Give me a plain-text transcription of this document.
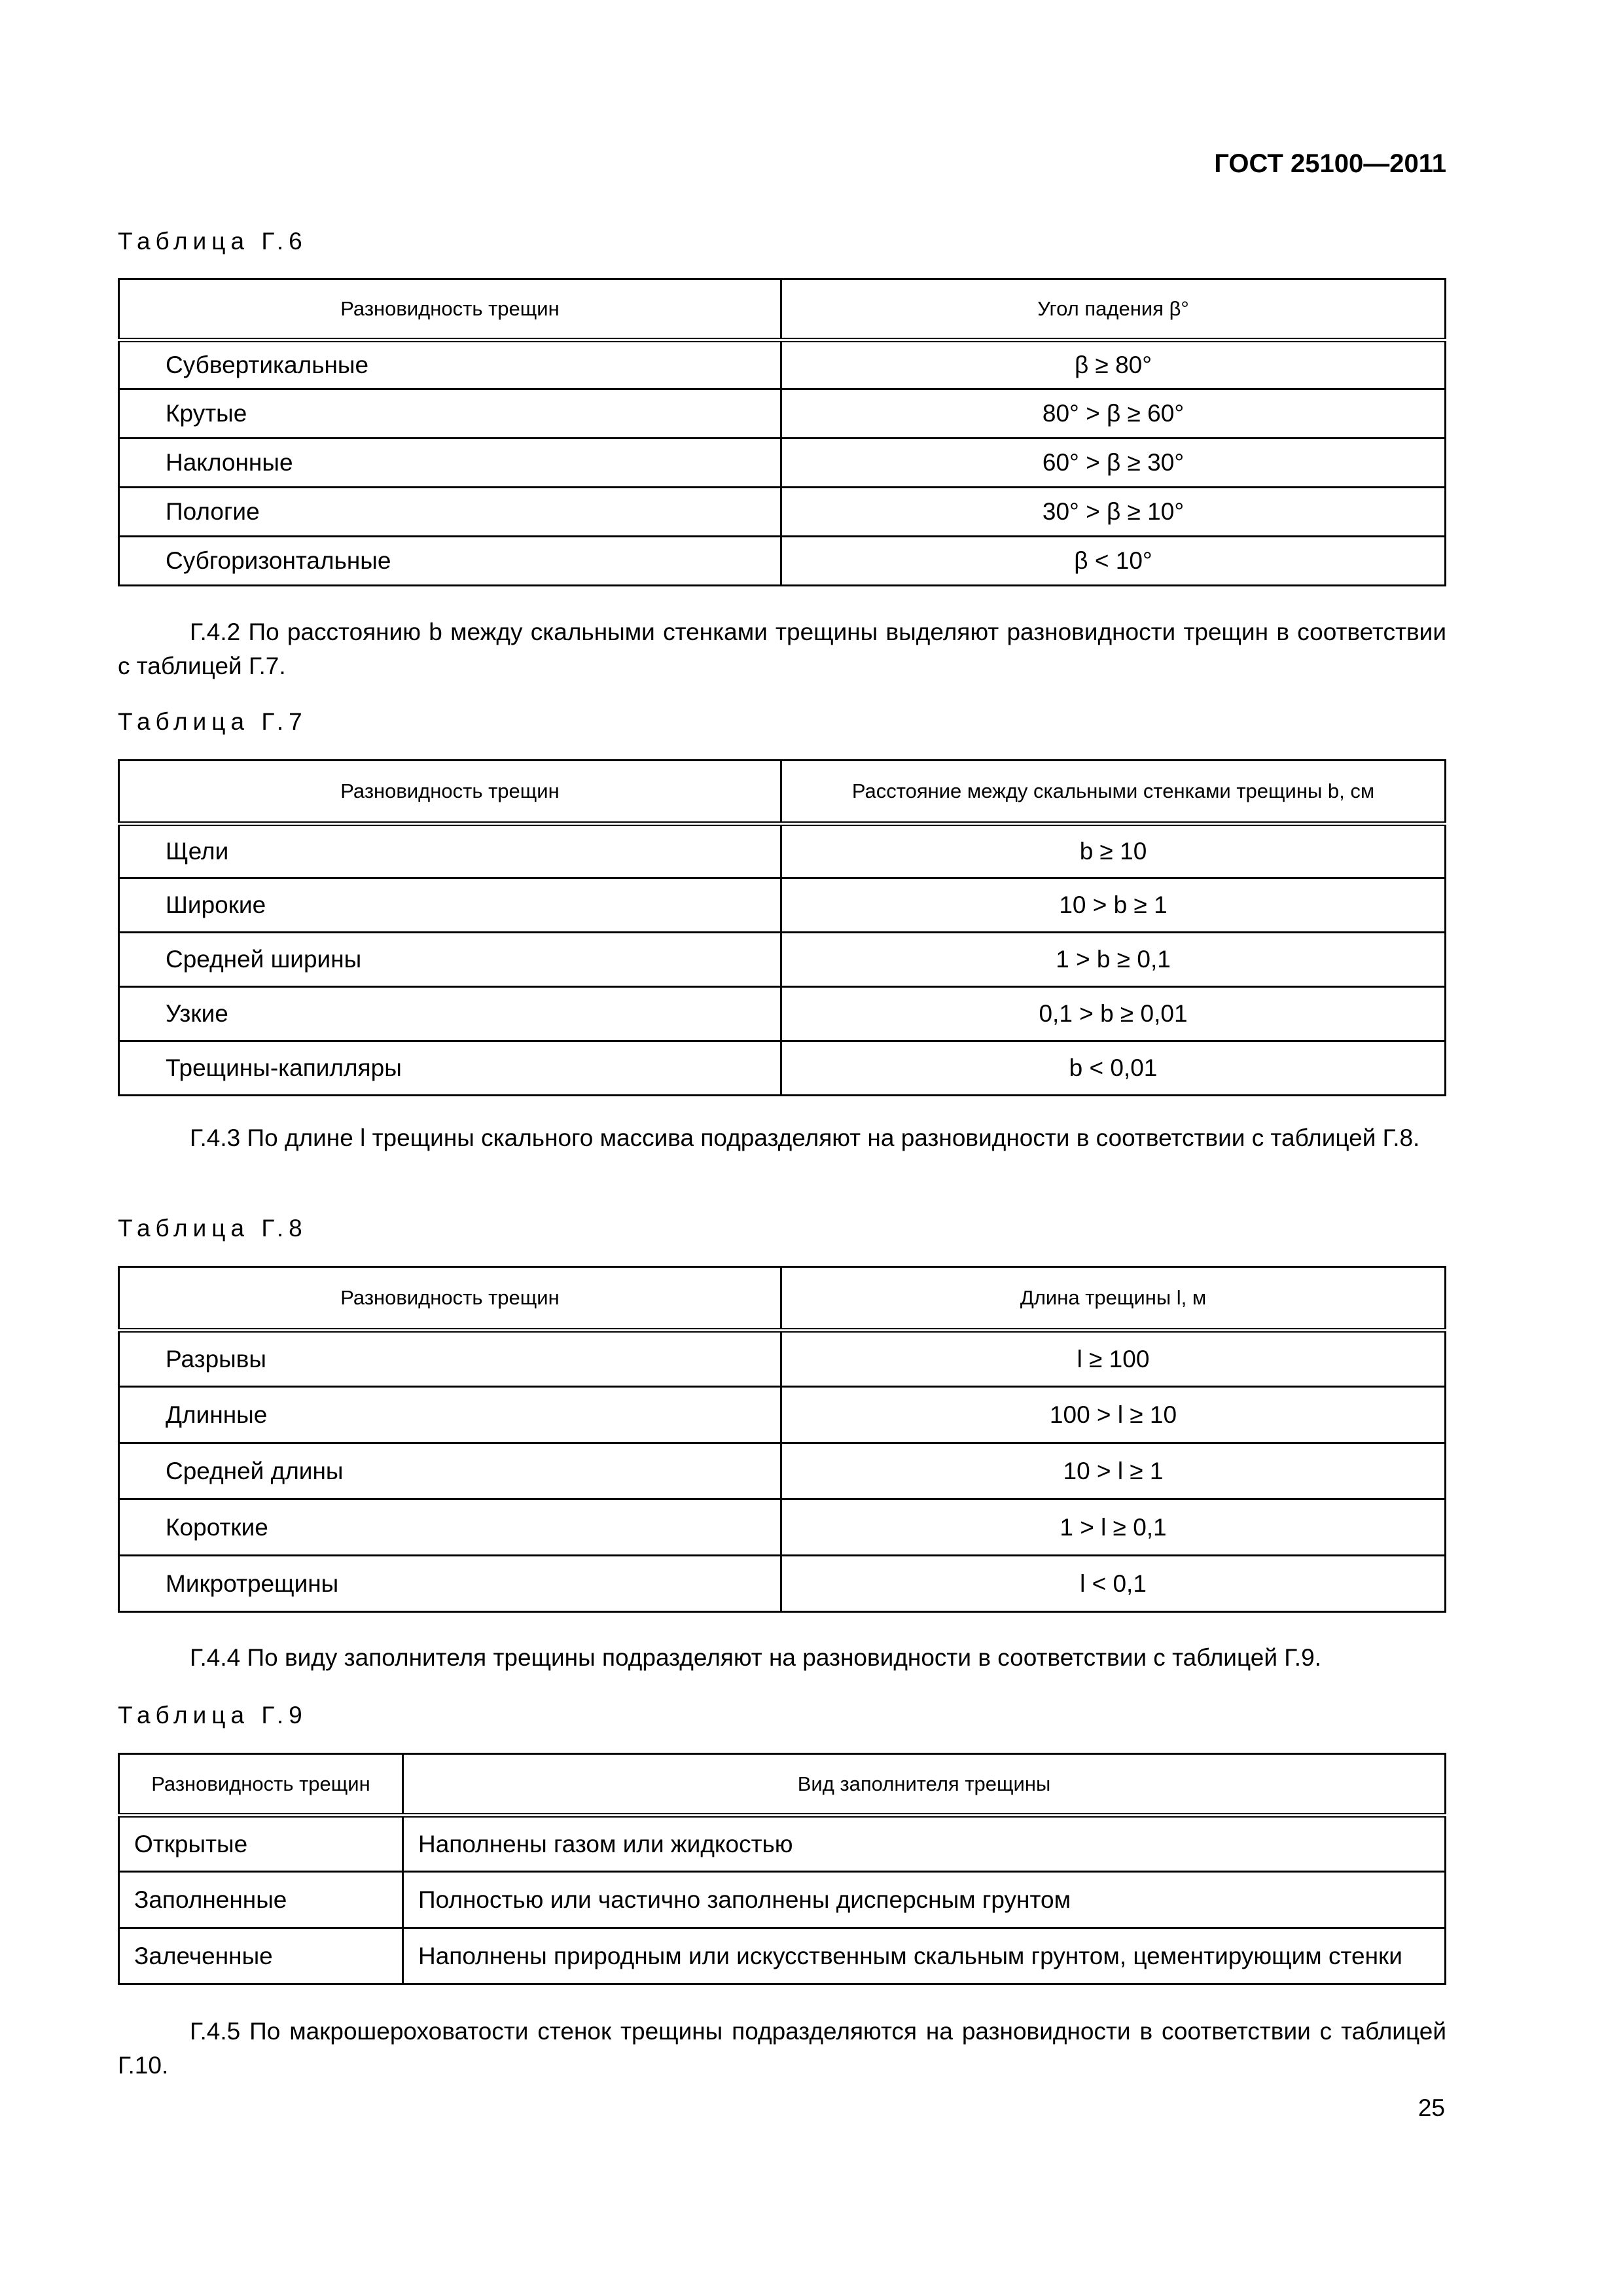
ГОСТ 25100—2011
Таблица Г.6
Разновидность трещин	Угол падения β°
Субвертикальные	β ≥ 80°
Крутые	80° > β ≥ 60°
Наклонные	60° > β ≥ 30°
Пологие	30° > β ≥ 10°
Субгоризонтальные	β < 10°

Г.4.2 По расстоянию b между скальными стенками трещины выделяют разновидности трещин в соответствии с таблицей Г.7.

Таблица Г.7
Разновидность трещин	Расстояние между скальными стенками трещины b, см
Щели	b ≥ 10
Широкие	10 > b ≥ 1
Средней ширины	1 > b ≥ 0,1
Узкие	0,1 > b ≥ 0,01
Трещины-капилляры	b < 0,01

Г.4.3 По длине l трещины скального массива подразделяют на разновидности в соответствии с таблицей Г.8.

Таблица Г.8
Разновидность трещин	Длина трещины l, м
Разрывы	l ≥ 100
Длинные	100 > l ≥ 10
Средней длины	10 > l ≥ 1
Короткие	1 > l ≥ 0,1
Микротрещины	l < 0,1

Г.4.4 По виду заполнителя трещины подразделяют на разновидности в соответствии с таблицей Г.9.

Таблица Г.9
Разновидность трещин	Вид заполнителя трещины
Открытые	Наполнены газом или жидкостью
Заполненные	Полностью или частично заполнены дисперсным грунтом
Залеченные	Наполнены природным или искусственным скальным грунтом, цементирующим стенки

Г.4.5 По макрошероховатости стенок трещины подразделяются на разновидности в соответствии с таблицей Г.10.

25
